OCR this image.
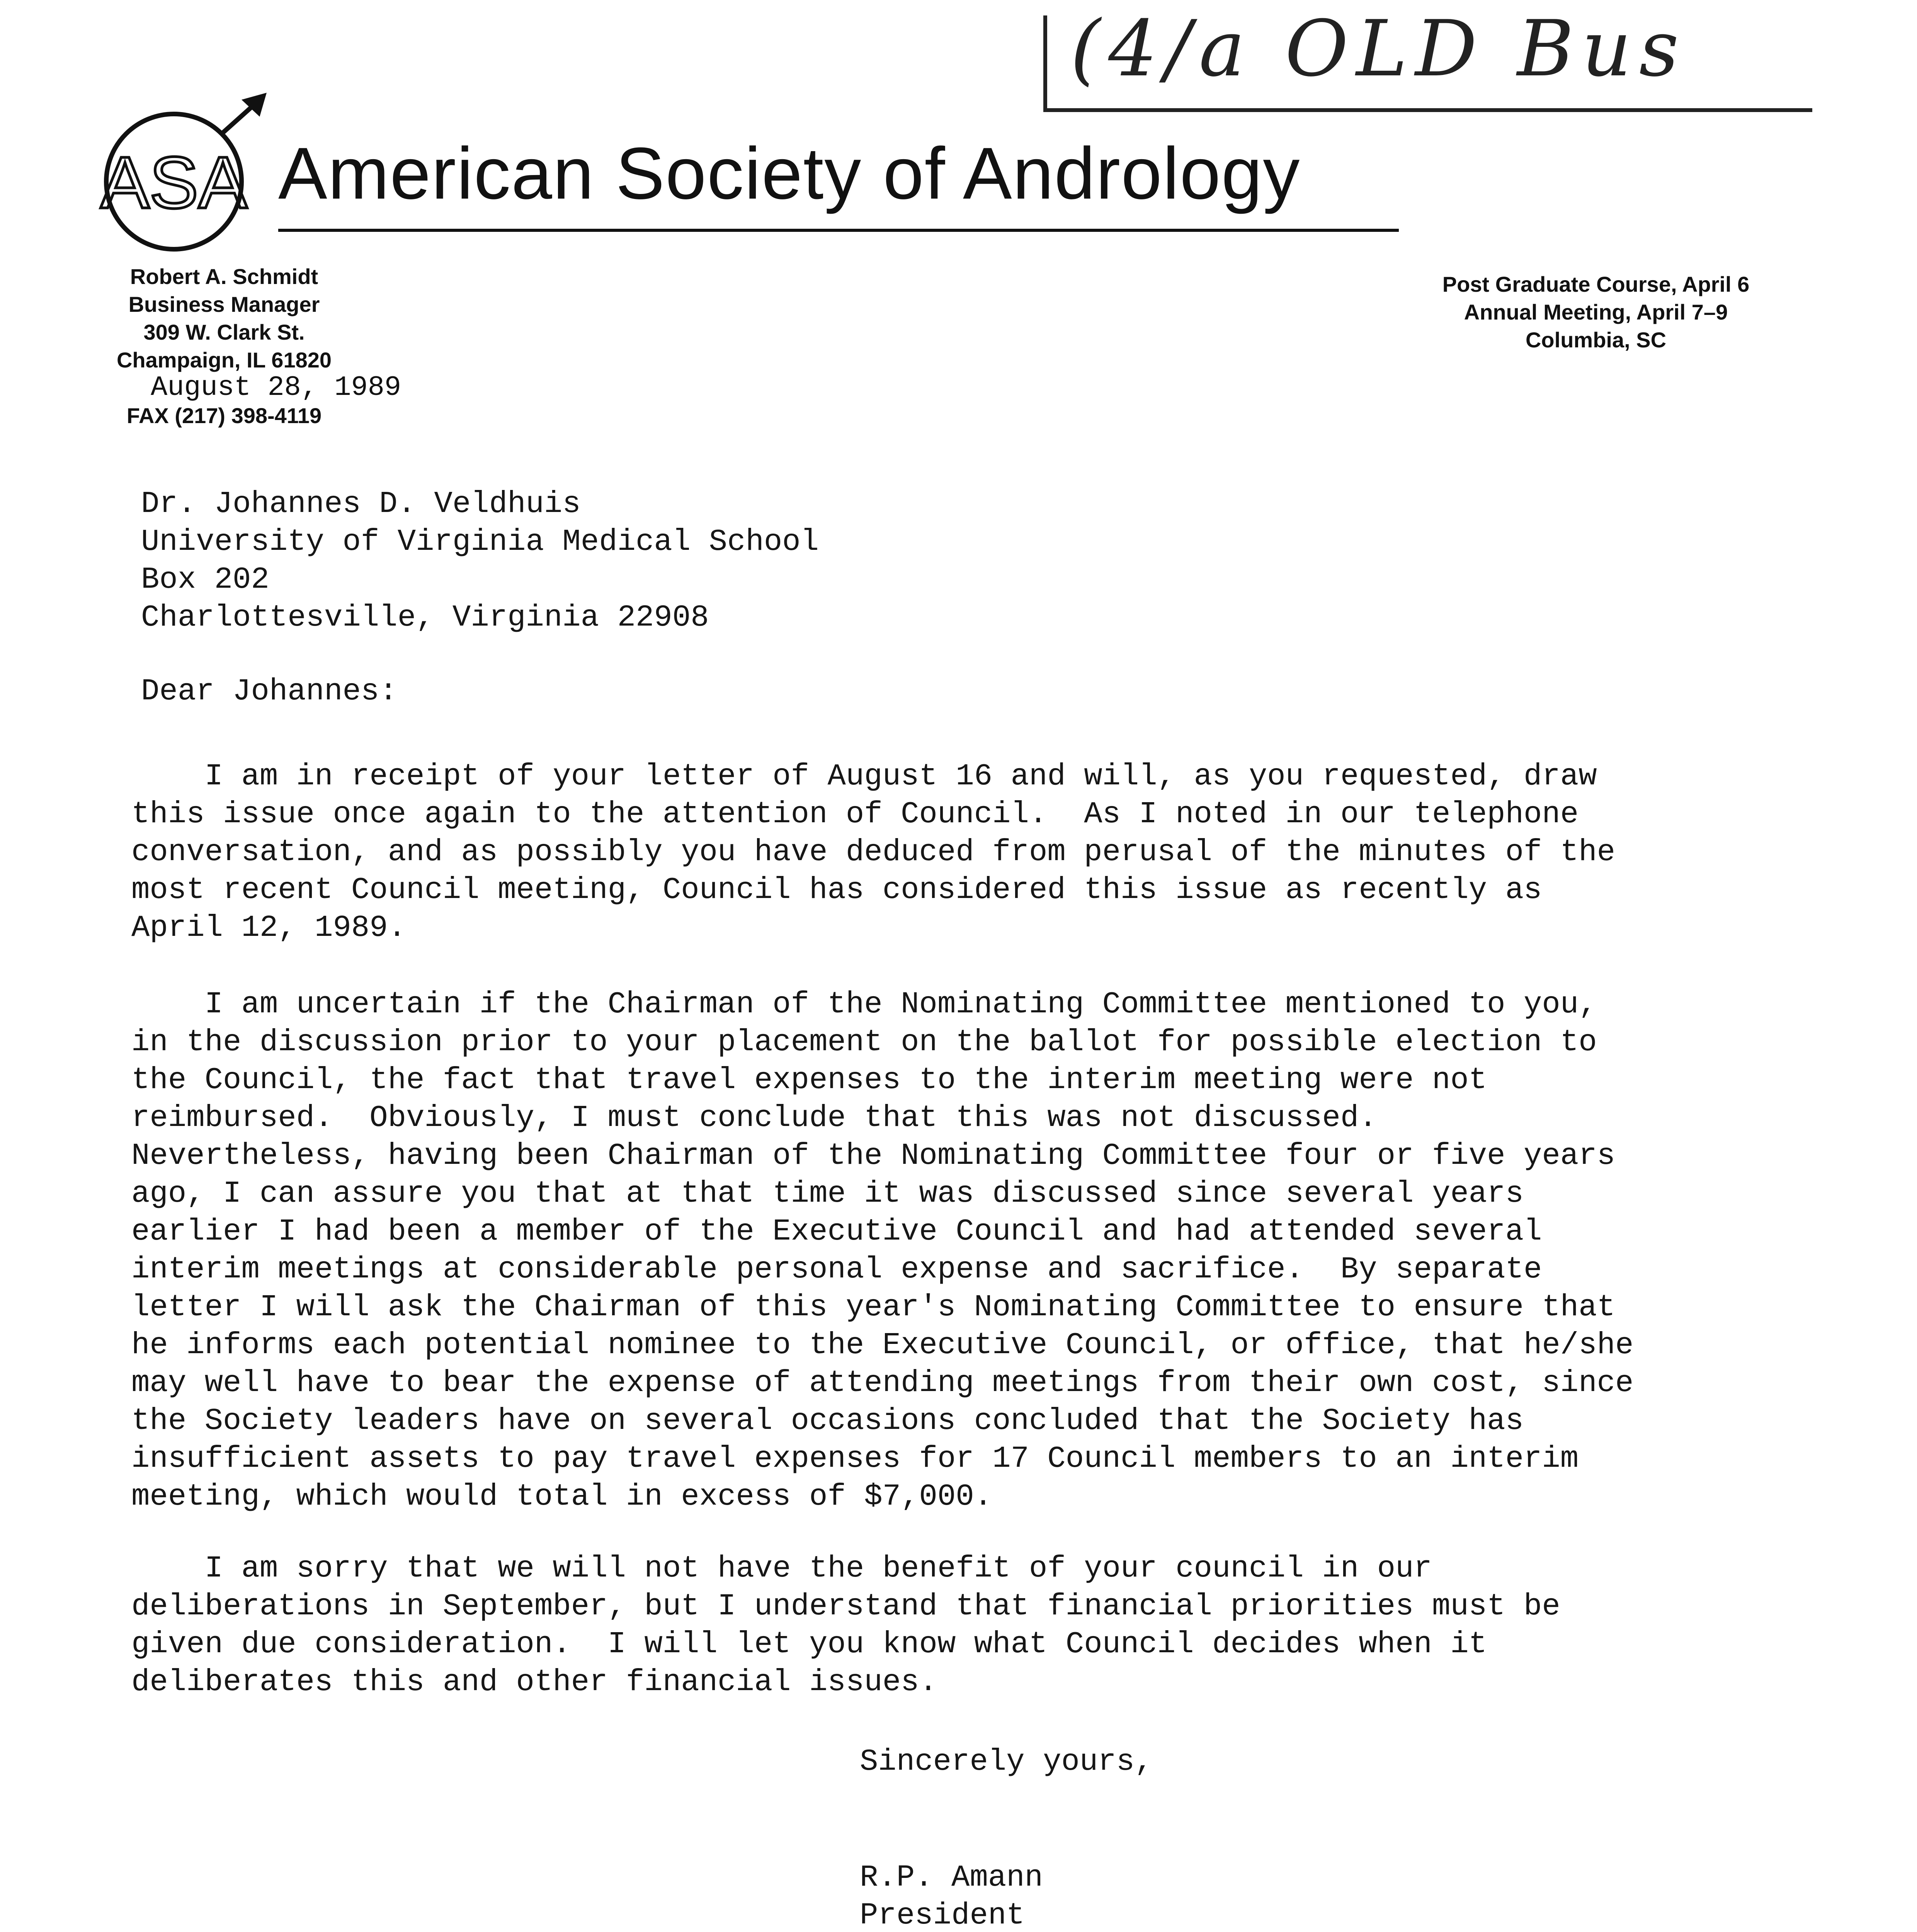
(4/a OLD Bus
ASA American Society of Andrology
Robert A. Schmidt
Business Manager
309 W. Clark St.
Champaign, IL 61820
FAX (217) 398-4119
August 28, 1989
Post Graduate Course, April 6
Annual Meeting, April 7–9
Columbia, SC
Dr. Johannes D. Veldhuis
University of Virginia Medical School
Box 202
Charlottesville, Virginia 22908
Dear Johannes:
I am in receipt of your letter of August 16 and will, as you requested, draw
this issue once again to the attention of Council.  As I noted in our telephone
conversation, and as possibly you have deduced from perusal of the minutes of the
most recent Council meeting, Council has considered this issue as recently as
April 12, 1989.
I am uncertain if the Chairman of the Nominating Committee mentioned to you,
in the discussion prior to your placement on the ballot for possible election to
the Council, the fact that travel expenses to the interim meeting were not
reimbursed.  Obviously, I must conclude that this was not discussed.
Nevertheless, having been Chairman of the Nominating Committee four or five years
ago, I can assure you that at that time it was discussed since several years
earlier I had been a member of the Executive Council and had attended several
interim meetings at considerable personal expense and sacrifice.  By separate
letter I will ask the Chairman of this year's Nominating Committee to ensure that
he informs each potential nominee to the Executive Council, or office, that he/she
may well have to bear the expense of attending meetings from their own cost, since
the Society leaders have on several occasions concluded that the Society has
insufficient assets to pay travel expenses for 17 Council members to an interim
meeting, which would total in excess of $7,000.
I am sorry that we will not have the benefit of your council in our
deliberations in September, but I understand that financial priorities must be
given due consideration.  I will let you know what Council decides when it
deliberates this and other financial issues.
Sincerely yours,
R.P. Amann
President
